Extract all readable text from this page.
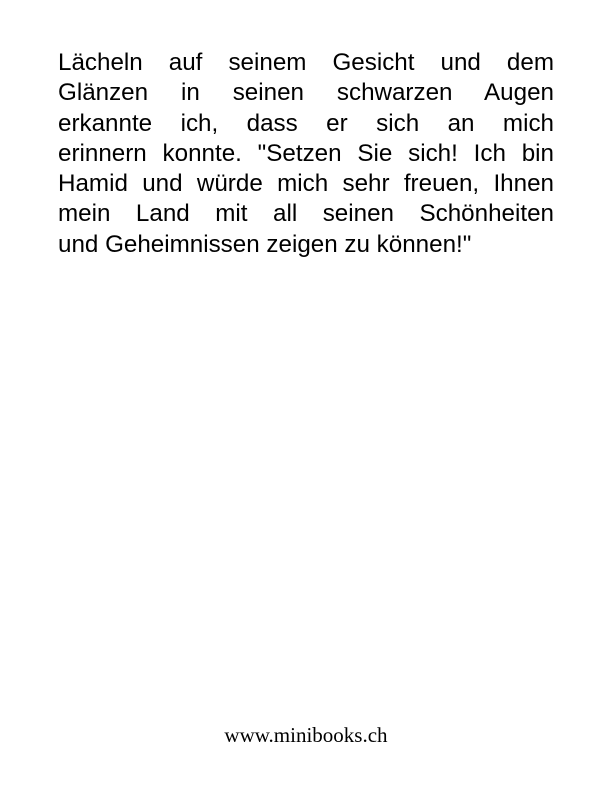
Lächeln auf seinem Gesicht und dem
Glänzen in seinen schwarzen Augen
erkannte ich, dass er sich an mich
erinnern konnte. "Setzen Sie sich! Ich bin
Hamid und würde mich sehr freuen, Ihnen
mein Land mit all seinen Schönheiten
und Geheimnissen zeigen zu können!"

www.minibooks.ch
